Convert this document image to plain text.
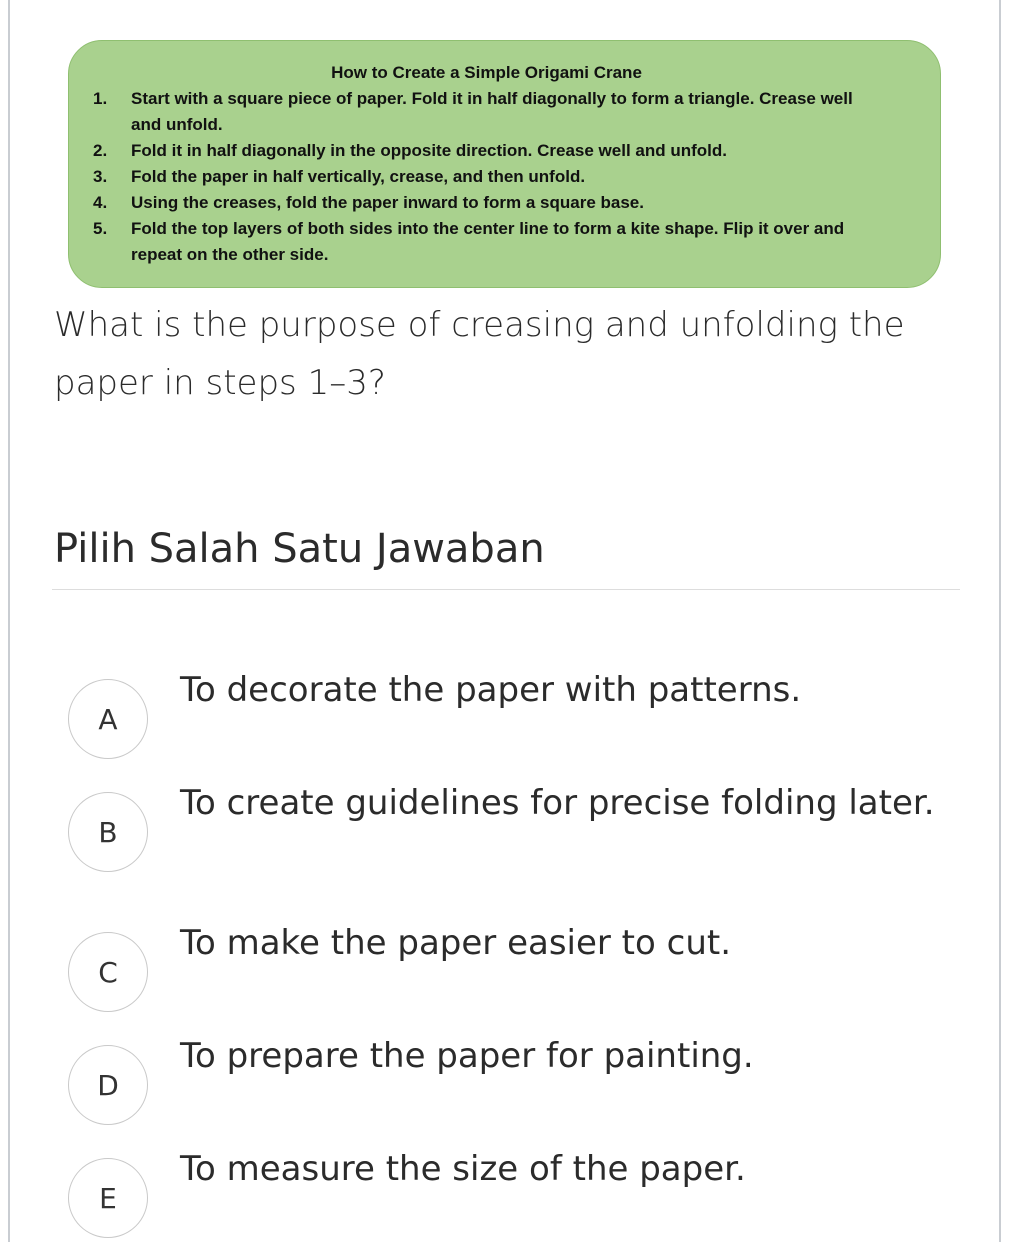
How to Create a Simple Origami Crane
1.	Start with a square piece of paper. Fold it in half diagonally to form a triangle. Crease well and unfold.
2.	Fold it in half diagonally in the opposite direction. Crease well and unfold.
3.	Fold the paper in half vertically, crease, and then unfold.
4.	Using the creases, fold the paper inward to form a square base.
5.	Fold the top layers of both sides into the center line to form a kite shape. Flip it over and repeat on the other side.
What is the purpose of creasing and unfolding the paper in steps 1–3?
Pilih Salah Satu Jawaban
A
To decorate the paper with patterns.
B
To create guidelines for precise folding later.
C
To make the paper easier to cut.
D
To prepare the paper for painting.
E
To measure the size of the paper.
